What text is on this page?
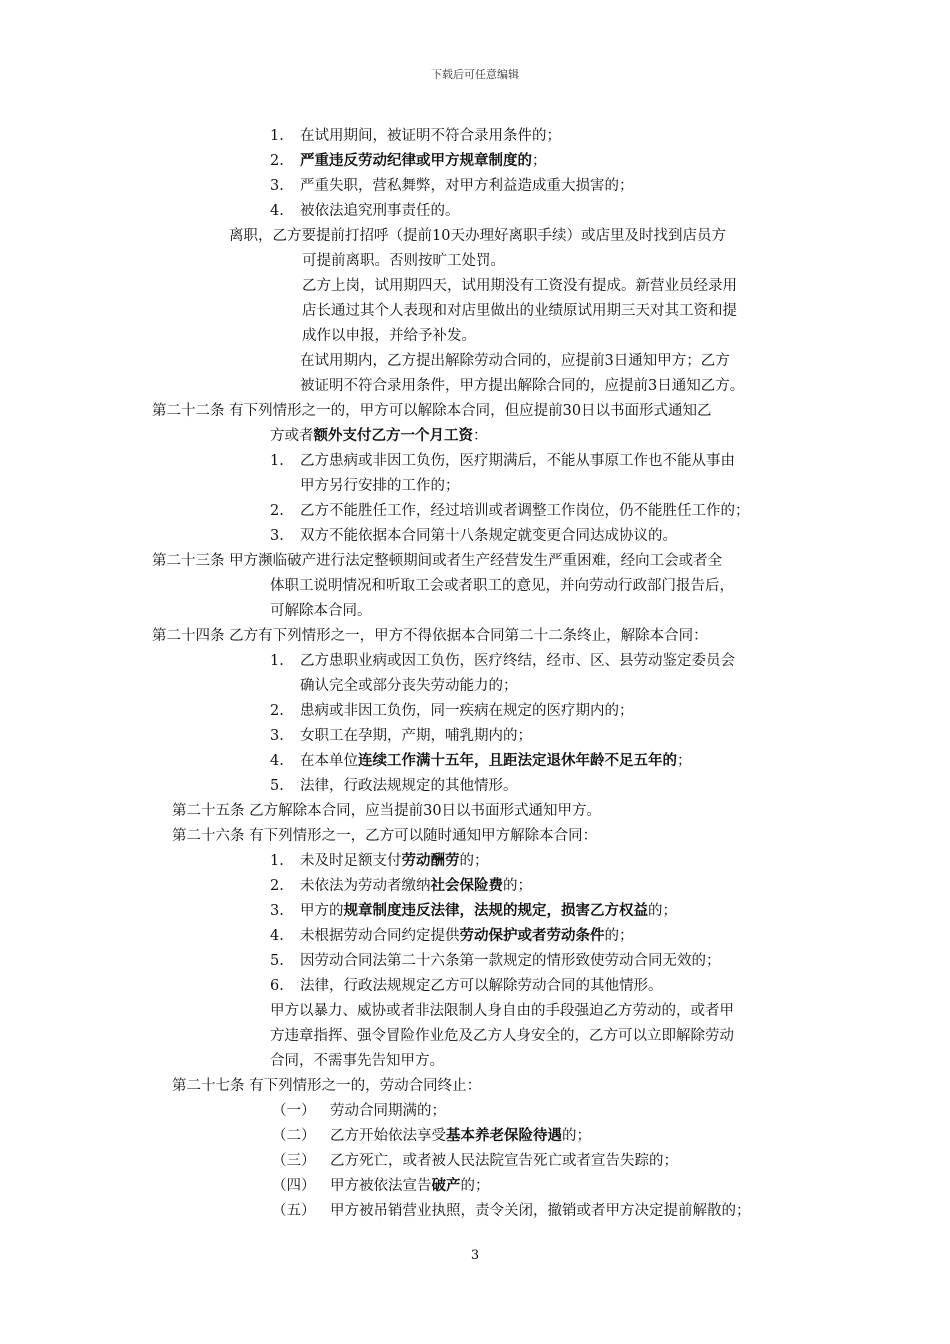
下载后可任意编辑
1. 在试用期间，被证明不符合录用条件的；
2. 严重违反劳动纪律或甲方规章制度的；
3. 严重失职，营私舞弊，对甲方利益造成重大损害的；
4. 被依法追究刑事责任的。
离职，乙方要提前打招呼（提前10天办理好离职手续）或店里及时找到店员方
可提前离职。否则按旷工处罚。
乙方上岗，试用期四天，试用期没有工资没有提成。新营业员经录用
店长通过其个人表现和对店里做出的业绩原试用期三天对其工资和提
成作以申报，并给予补发。
在试用期内，乙方提出解除劳动合同的，应提前3日通知甲方；乙方
被证明不符合录用条件，甲方提出解除合同的，应提前3日通知乙方。
第二十二条 有下列情形之一的，甲方可以解除本合同，但应提前30日以书面形式通知乙
方或者额外支付乙方一个月工资：
1. 乙方患病或非因工负伤，医疗期满后，不能从事原工作也不能从事由
甲方另行安排的工作的；
2. 乙方不能胜任工作，经过培训或者调整工作岗位，仍不能胜任工作的；
3. 双方不能依据本合同第十八条规定就变更合同达成协议的。
第二十三条 甲方濒临破产进行法定整顿期间或者生产经营发生严重困难，经向工会或者全
体职工说明情况和听取工会或者职工的意见，并向劳动行政部门报告后，
可解除本合同。
第二十四条 乙方有下列情形之一，甲方不得依据本合同第二十二条终止，解除本合同：
1. 乙方患职业病或因工负伤，医疗终结，经市、区、县劳动鉴定委员会
确认完全或部分丧失劳动能力的；
2. 患病或非因工负伤，同一疾病在规定的医疗期内的；
3. 女职工在孕期，产期，哺乳期内的；
4. 在本单位连续工作满十五年，且距法定退休年龄不足五年的；
5. 法律，行政法规规定的其他情形。
第二十五条 乙方解除本合同，应当提前30日以书面形式通知甲方。
第二十六条 有下列情形之一，乙方可以随时通知甲方解除本合同：
1. 未及时足额支付劳动酬劳的；
2. 未依法为劳动者缴纳社会保险费的；
3. 甲方的规章制度违反法律，法规的规定，损害乙方权益的；
4. 未根据劳动合同约定提供劳动保护或者劳动条件的；
5. 因劳动合同法第二十六条第一款规定的情形致使劳动合同无效的；
6. 法律，行政法规规定乙方可以解除劳动合同的其他情形。
甲方以暴力、威协或者非法限制人身自由的手段强迫乙方劳动的，或者甲
方违章指挥、强令冒险作业危及乙方人身安全的，乙方可以立即解除劳动
合同，不需事先告知甲方。
第二十七条 有下列情形之一的，劳动合同终止：
（一） 劳动合同期满的；
（二） 乙方开始依法享受基本养老保险待遇的；
（三） 乙方死亡，或者被人民法院宣告死亡或者宣告失踪的；
（四） 甲方被依法宣告破产的；
（五） 甲方被吊销营业执照，责令关闭，撤销或者甲方决定提前解散的；
3
